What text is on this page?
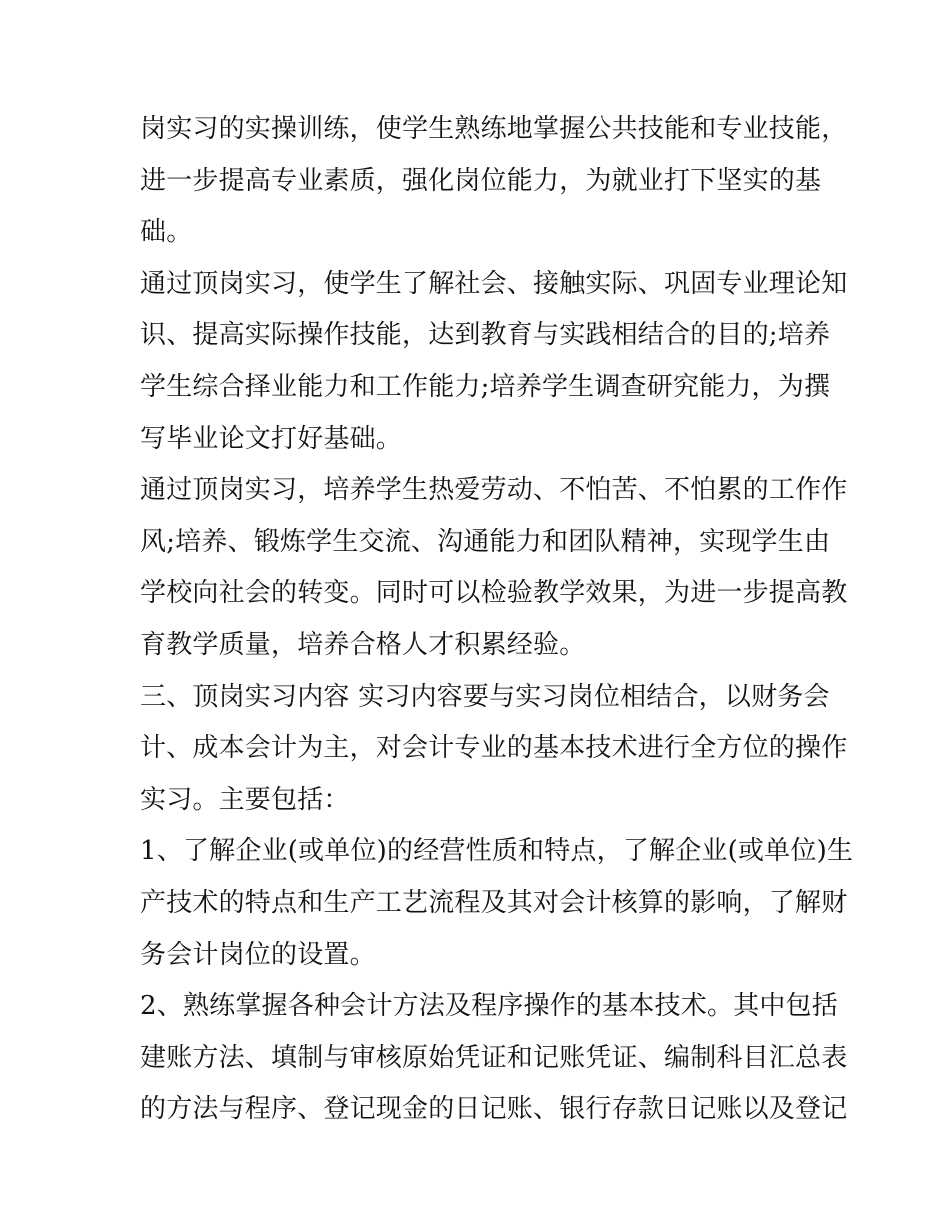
岗实习的实操训练，使学生熟练地掌握公共技能和专业技能，
进一步提高专业素质，强化岗位能力，为就业打下坚实的基
础。

通过顶岗实习，使学生了解社会、接触实际、巩固专业理论知
识、提高实际操作技能，达到教育与实践相结合的目的;培养
学生综合择业能力和工作能力;培养学生调查研究能力，为撰
写毕业论文打好基础。

通过顶岗实习，培养学生热爱劳动、不怕苦、不怕累的工作作
风;培养、锻炼学生交流、沟通能力和团队精神，实现学生由
学校向社会的转变。同时可以检验教学效果，为进一步提高教
育教学质量，培养合格人才积累经验。

三、顶岗实习内容 实习内容要与实习岗位相结合，以财务会
计、成本会计为主，对会计专业的基本技术进行全方位的操作
实习。主要包括：

1、了解企业(或单位)的经营性质和特点，了解企业(或单位)生
产技术的特点和生产工艺流程及其对会计核算的影响，了解财
务会计岗位的设置。

2、熟练掌握各种会计方法及程序操作的基本技术。其中包括
建账方法、填制与审核原始凭证和记账凭证、编制科目汇总表
的方法与程序、登记现金的日记账、银行存款日记账以及登记
